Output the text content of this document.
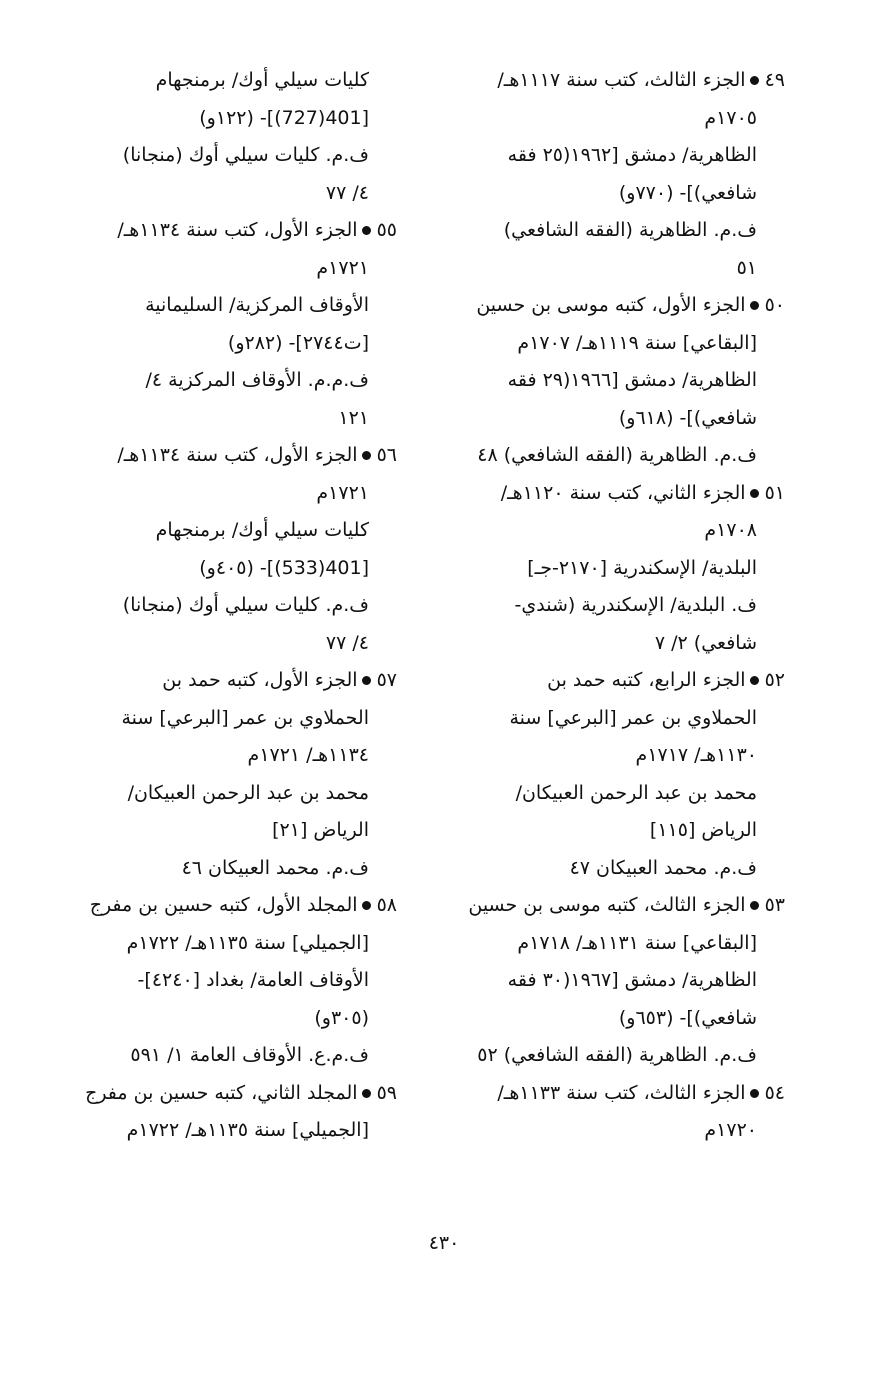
٤٩الجزء الثالث، كتب سنة ١١١٧هـ/
١٧٠٥م
الظاهرية/ دمشق [١٩٦٢(٢٥ فقه
شافعي)]- (٧٧٠و)
ف.م. الظاهرية (الفقه الشافعي)
٥١
٥٠الجزء الأول، كتبه موسى بن حسين
[البقاعي] سنة ١١١٩هـ/ ١٧٠٧م
الظاهرية/ دمشق [١٩٦٦(٢٩ فقه
شافعي)]- (٦١٨و)
ف.م. الظاهرية (الفقه الشافعي) ٤٨
٥١الجزء الثاني، كتب سنة ١١٢٠هـ/
١٧٠٨م
البلدية/ الإسكندرية [٢١٧٠-جـ]
ف. البلدية/ الإسكندرية (شندي-
شافعي) ٢/ ٧
٥٢الجزء الرابع، كتبه حمد بن
الحملاوي بن عمر [البرعي] سنة
١١٣٠هـ/ ١٧١٧م
محمد بن عبد الرحمن العبيكان/
الرياض [١١٥]
ف.م. محمد العبيكان ٤٧
٥٣الجزء الثالث، كتبه موسى بن حسين
[البقاعي] سنة ١١٣١هـ/ ١٧١٨م
الظاهرية/ دمشق [١٩٦٧(٣٠ فقه
شافعي)]- (٦٥٣و)
ف.م. الظاهرية (الفقه الشافعي) ٥٢
٥٤الجزء الثالث، كتب سنة ١١٣٣هـ/
١٧٢٠م
كليات سيلي أوك/ برمنجهام
[401(727)]- (١٢٢و)
ف.م. كليات سيلي أوك (منجانا)
٤/ ٧٧
٥٥الجزء الأول، كتب سنة ١١٣٤هـ/
١٧٢١م
الأوقاف المركزية/ السليمانية
[ت٢٧٤٤]- (٢٨٢و)
ف.م.م. الأوقاف المركزية ٤/
١٢١
٥٦الجزء الأول، كتب سنة ١١٣٤هـ/
١٧٢١م
كليات سيلي أوك/ برمنجهام
[401(533)]- (٤٠٥و)
ف.م. كليات سيلي أوك (منجانا)
٤/ ٧٧
٥٧الجزء الأول، كتبه حمد بن
الحملاوي بن عمر [البرعي] سنة
١١٣٤هـ/ ١٧٢١م
محمد بن عبد الرحمن العبيكان/
الرياض [٢١]
ف.م. محمد العبيكان ٤٦
٥٨المجلد الأول، كتبه حسين بن مفرج
[الجميلي] سنة ١١٣٥هـ/ ١٧٢٢م
الأوقاف العامة/ بغداد [٤٢٤٠]-
(٣٠٥و)
ف.م.ع. الأوقاف العامة ١/ ٥٩١
٥٩المجلد الثاني، كتبه حسين بن مفرج
[الجميلي] سنة ١١٣٥هـ/ ١٧٢٢م
٤٣٠
